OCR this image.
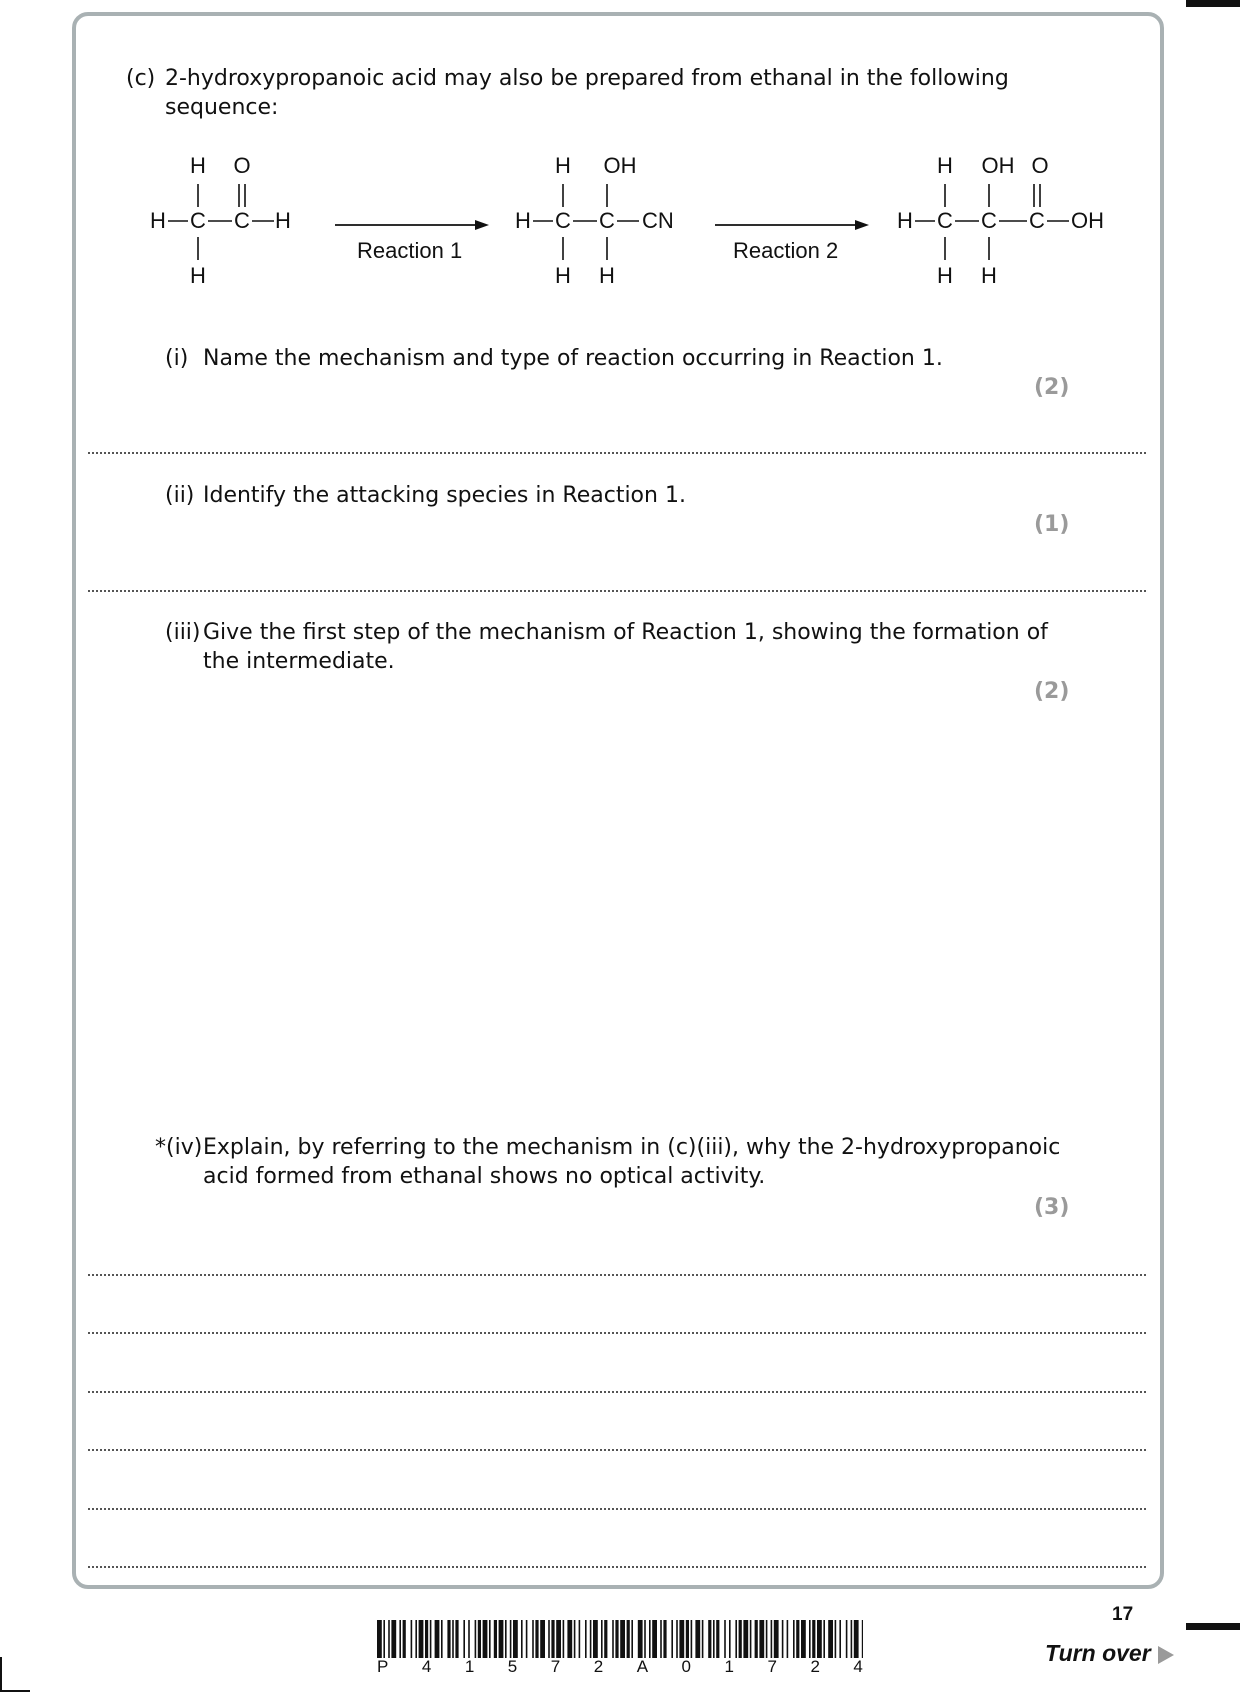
(c) 2-hydroxypropanoic acid may also be prepared from ethanal in the following
sequence:
H O
H C C H
H
Reaction 1
H OH
H C C CN
H H
Reaction 2
H OH O
H C C C OH
H H
(i) Name the mechanism and type of reaction occurring in Reaction 1.
(2)
(ii) Identify the attacking species in Reaction 1.
(1)
(iii) Give the first step of the mechanism of Reaction 1, showing the formation of
the intermediate.
(2)
*(iv) Explain, by referring to the mechanism in (c)(iii), why the 2-hydroxypropanoic
acid formed from ethanal shows no optical activity.
(3)
P 4 1 5 7 2 A 0 1 7 2 4
17
Turn over
